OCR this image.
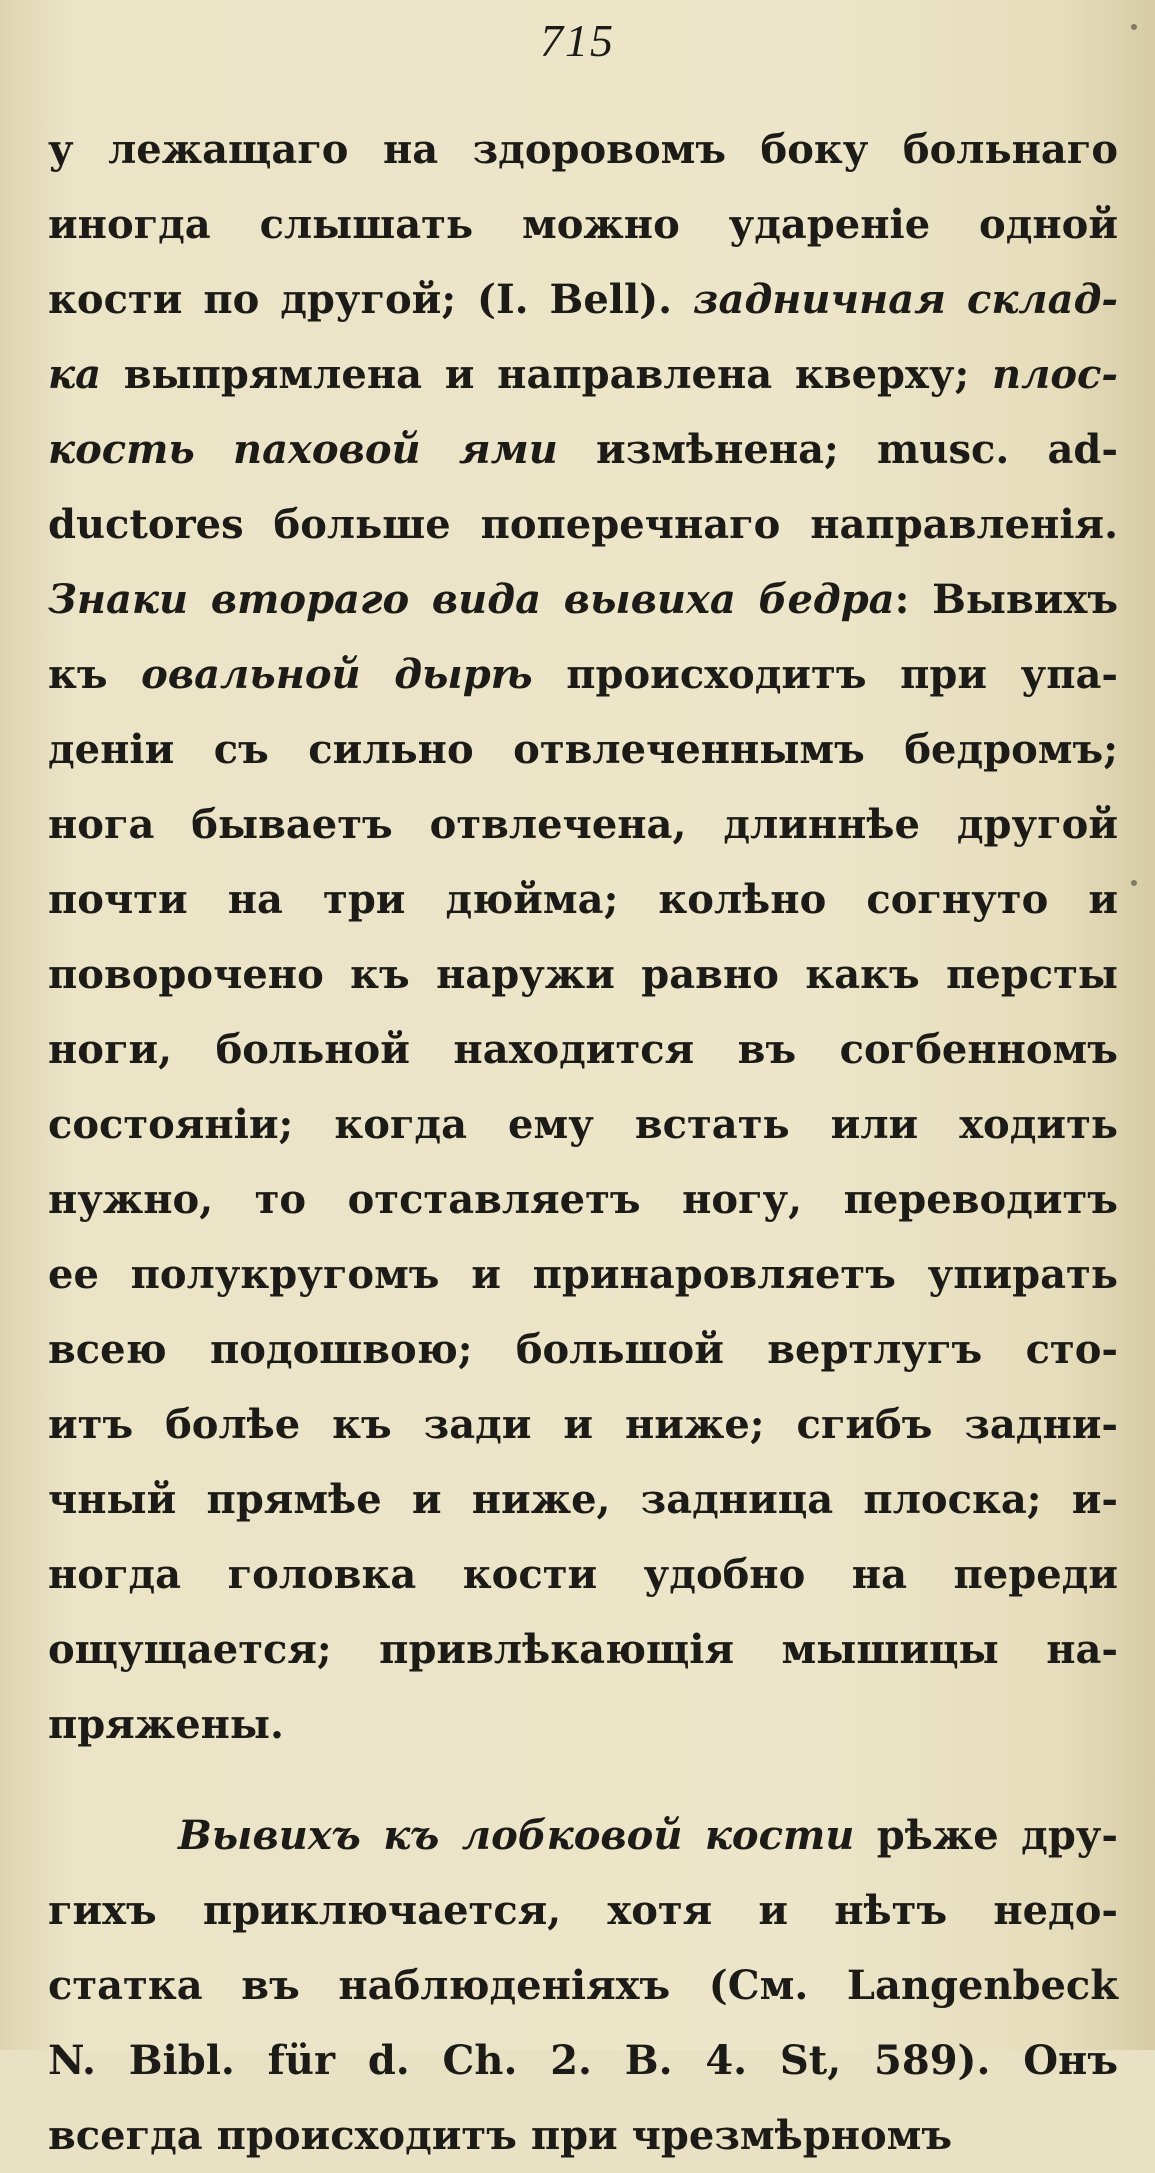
715
у лежащаго на здоровомъ боку больнаго
иногда слышать можно удареніе одной
кости по другой; (I. Bell). задничная склад-
ка выпрямлена и направлена кверху; плос-
кость паховой ями измѣнена; musc. ad-
ductores больше поперечнаго направленія.
Знаки втораго вида вывиха бедра: Вывихъ
къ овальной дырѣ происходитъ при упа-
деніи съ сильно отвлеченнымъ бедромъ;
нога бываетъ отвлечена, длиннѣе другой
почти на три дюйма; колѣно согнуто и
поворочено къ наружи равно какъ персты
ноги, больной находится въ согбенномъ
состояніи; когда ему встать или ходить
нужно, то отставляетъ ногу, переводитъ
ее полукругомъ и принаровляетъ упирать
всею подошвою; большой вертлугъ сто-
итъ болѣе къ зади и ниже; сгибъ задни-
чный прямѣе и ниже, задница плоска; и-
ногда головка кости удобно на переди
ощущается; привлѣкающія мышицы на-
пряжены.
Вывихъ къ лобковой кости рѣже дру-
гихъ приключается, хотя и нѣтъ недо-
статка въ наблюденіяхъ (См. Langenbeck
N. Bibl. für d. Ch. 2. B. 4. St, 589). Онъ
всегда происходитъ при чрезмѣрномъ
